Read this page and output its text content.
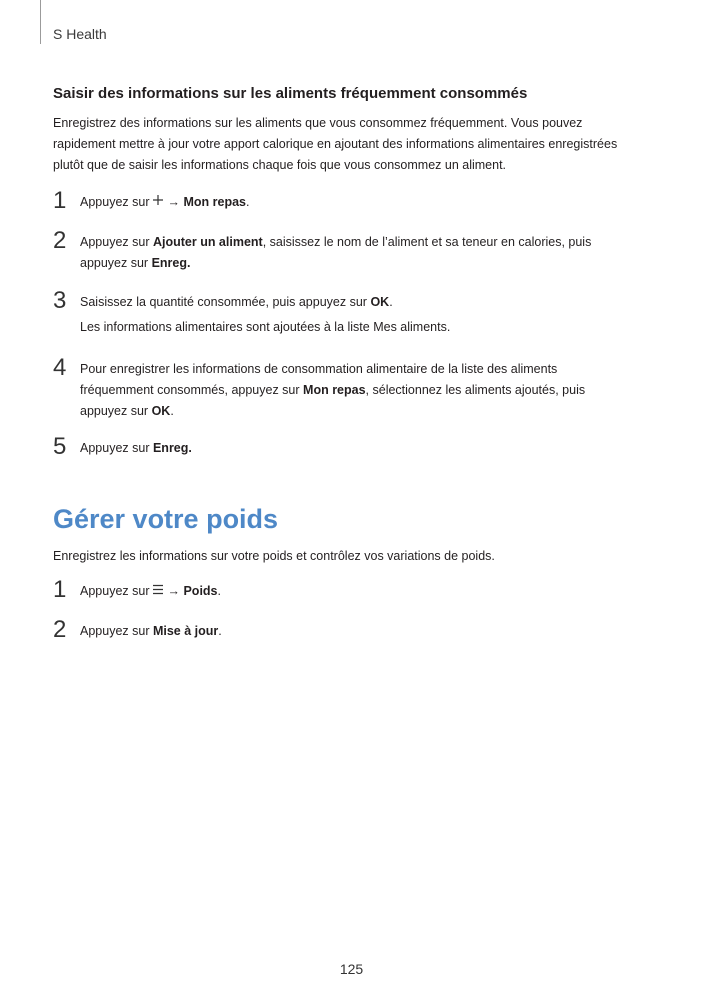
S Health
Saisir des informations sur les aliments fréquemment consommés

Enregistrez des informations sur les aliments que vous consommez fréquemment. Vous pouvez rapidement mettre à jour votre apport calorique en ajoutant des informations alimentaires enregistrées plutôt que de saisir les informations chaque fois que vous consommez un aliment.

1 Appuyez sur → Mon repas.

2 Appuyez sur Ajouter un aliment, saisissez le nom de l’aliment et sa teneur en calories, puis appuyez sur Enreg.

3 Saisissez la quantité consommée, puis appuyez sur OK.

Les informations alimentaires sont ajoutées à la liste Mes aliments.

4 Pour enregistrer les informations de consommation alimentaire de la liste des aliments fréquemment consommés, appuyez sur Mon repas, sélectionnez les aliments ajoutés, puis appuyez sur OK.

5 Appuyez sur Enreg.

Gérer votre poids

Enregistrez les informations sur votre poids et contrôlez vos variations de poids.

1 Appuyez sur → Poids.

2 Appuyez sur Mise à jour.

125
